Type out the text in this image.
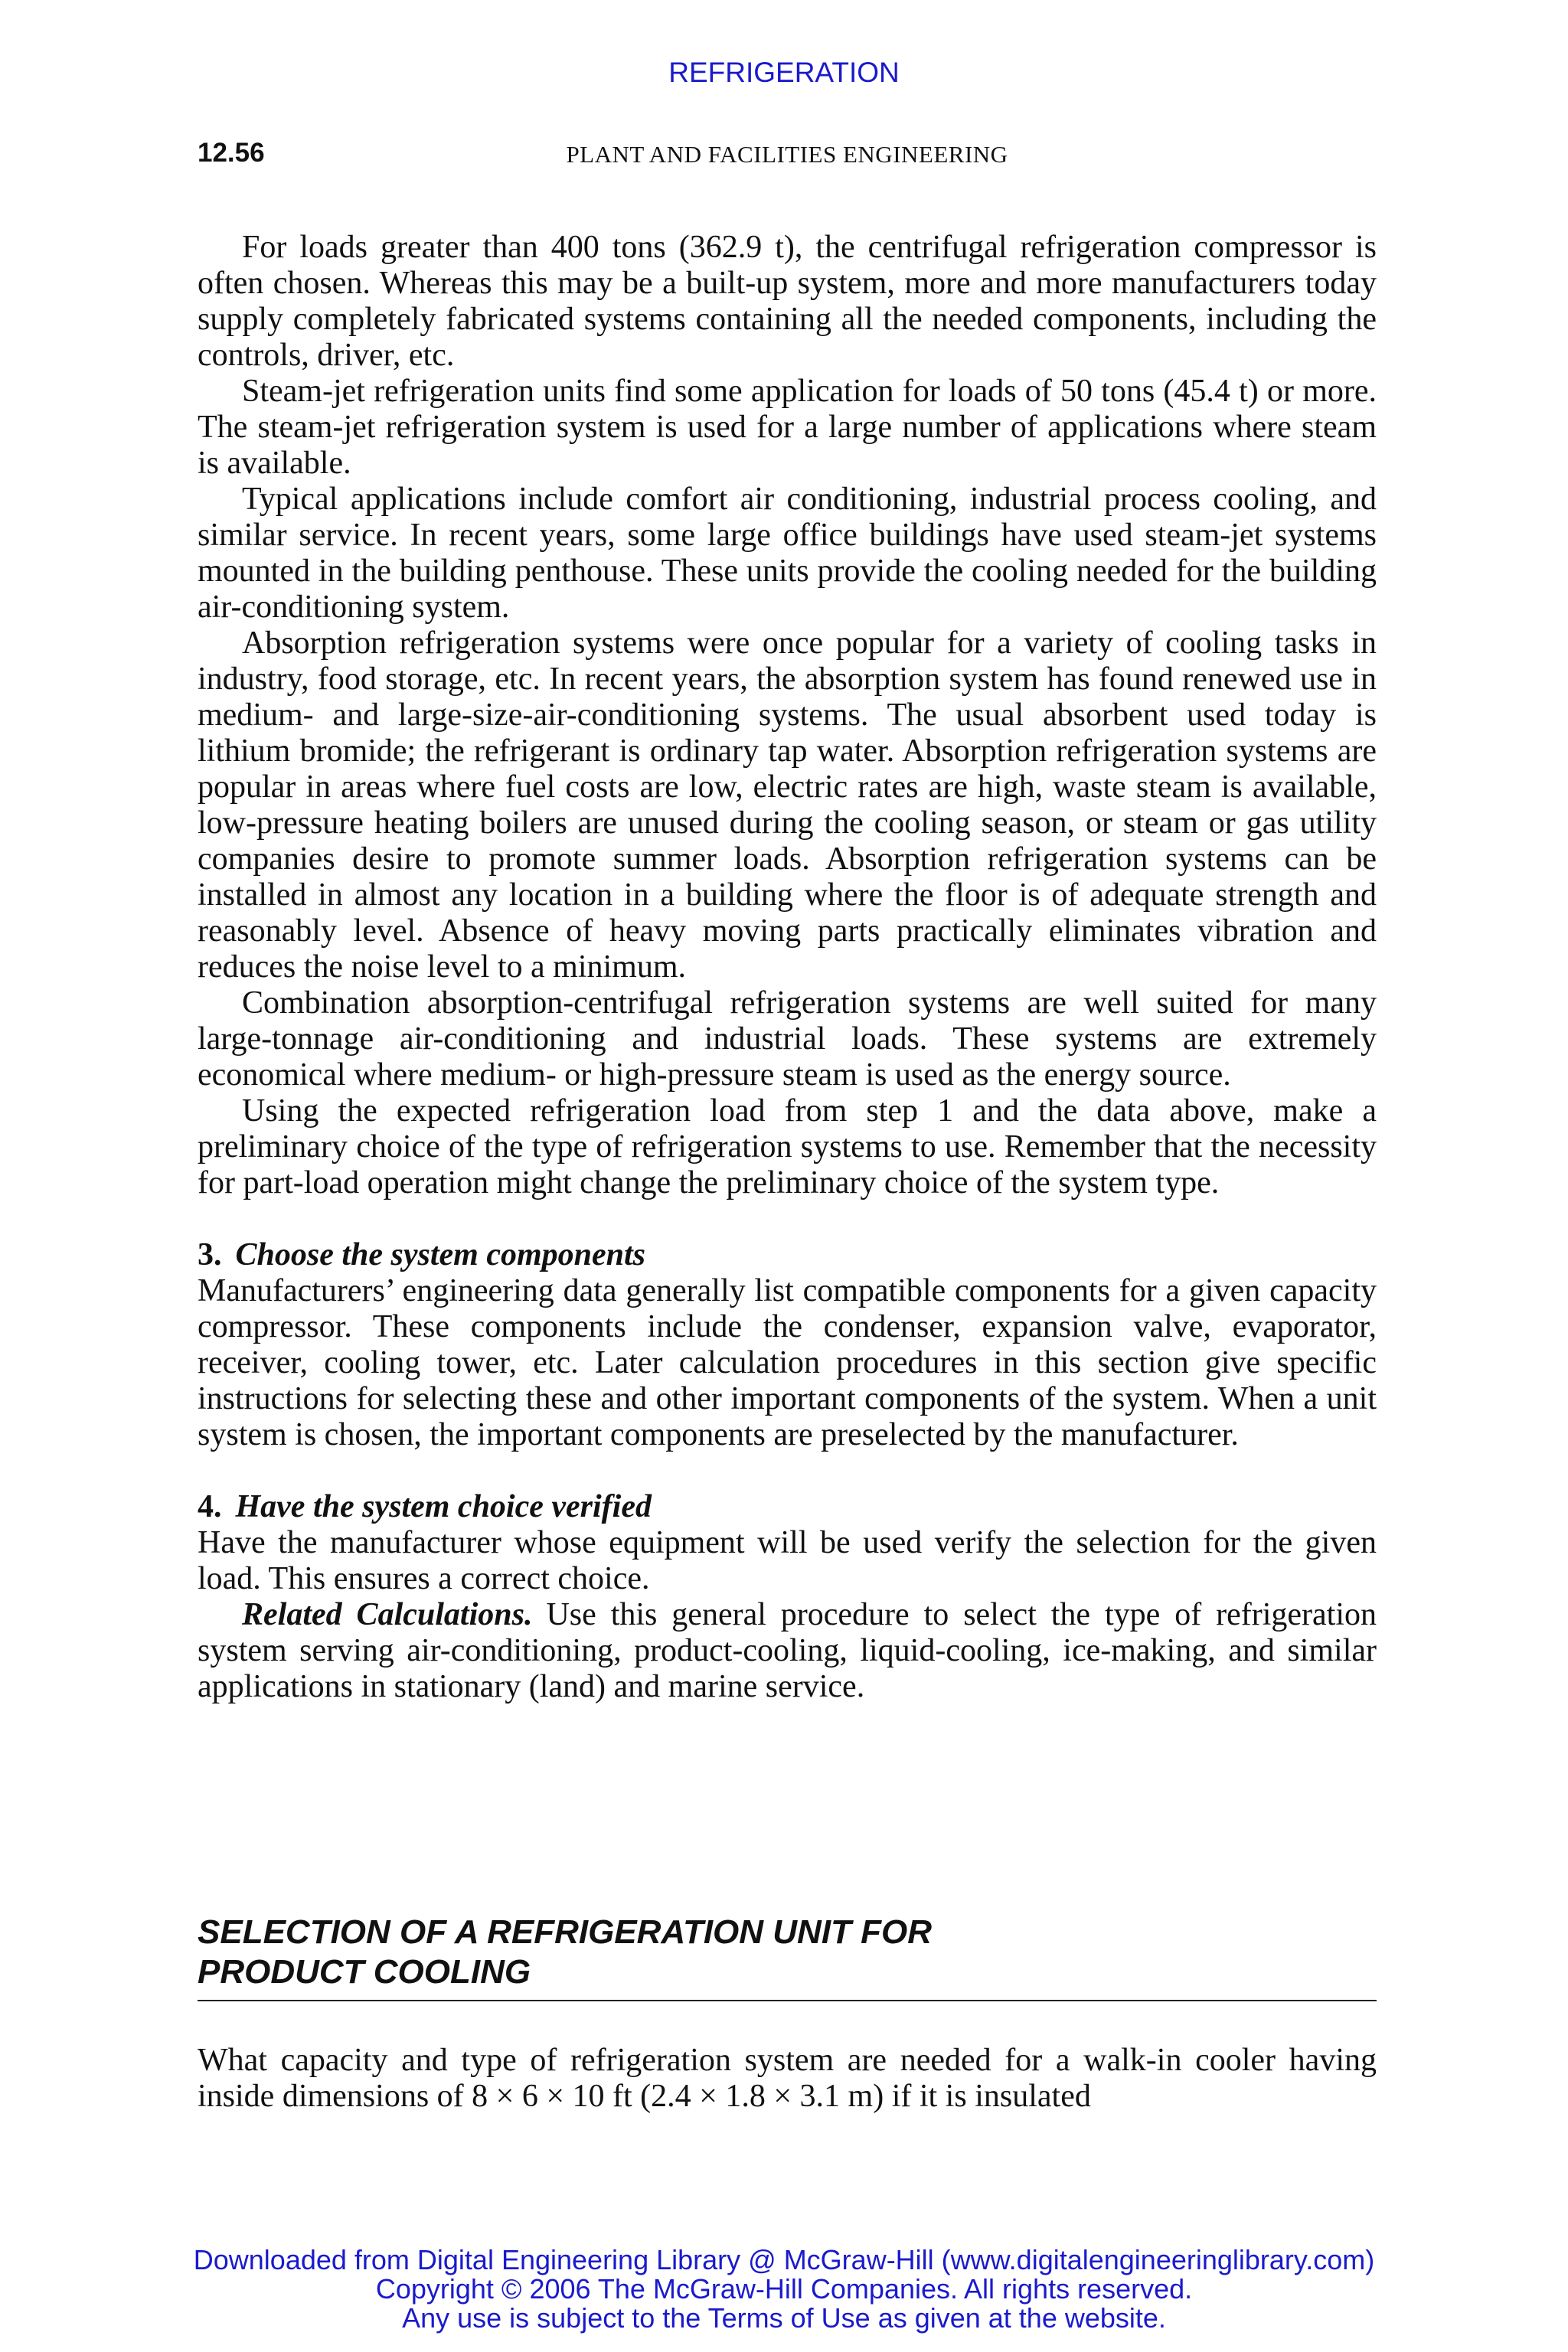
REFRIGERATION
12.56	PLANT AND FACILITIES ENGINEERING

For loads greater than 400 tons (362.9 t), the centrifugal refrigeration compressor is often chosen. Whereas this may be a built-up system, more and more manufacturers today supply completely fabricated systems containing all the needed components, including the controls, driver, etc.

Steam-jet refrigeration units find some application for loads of 50 tons (45.4 t) or more. The steam-jet refrigeration system is used for a large number of applications where steam is available.

Typical applications include comfort air conditioning, industrial process cooling, and similar service. In recent years, some large office buildings have used steam-jet systems mounted in the building penthouse. These units provide the cooling needed for the building air-conditioning system.

Absorption refrigeration systems were once popular for a variety of cooling tasks in industry, food storage, etc. In recent years, the absorption system has found renewed use in medium- and large-size-air-conditioning systems. The usual absorbent used today is lithium bromide; the refrigerant is ordinary tap water. Absorption refrigeration systems are popular in areas where fuel costs are low, electric rates are high, waste steam is available, low-pressure heating boilers are unused during the cooling season, or steam or gas utility companies desire to promote summer loads. Absorption refrigeration systems can be installed in almost any location in a building where the floor is of adequate strength and reasonably level. Absence of heavy moving parts practically eliminates vibration and reduces the noise level to a minimum.

Combination absorption-centrifugal refrigeration systems are well suited for many large-tonnage air-conditioning and industrial loads. These systems are extremely economical where medium- or high-pressure steam is used as the energy source.

Using the expected refrigeration load from step 1 and the data above, make a preliminary choice of the type of refrigeration systems to use. Remember that the necessity for part-load operation might change the preliminary choice of the system type.

3. Choose the system components

Manufacturers’ engineering data generally list compatible components for a given capacity compressor. These components include the condenser, expansion valve, evaporator, receiver, cooling tower, etc. Later calculation procedures in this section give specific instructions for selecting these and other important components of the system. When a unit system is chosen, the important components are preselected by the manufacturer.

4. Have the system choice verified

Have the manufacturer whose equipment will be used verify the selection for the given load. This ensures a correct choice.

Related Calculations. Use this general procedure to select the type of refrigeration system serving air-conditioning, product-cooling, liquid-cooling, ice-making, and similar applications in stationary (land) and marine service.

SELECTION OF A REFRIGERATION UNIT FOR
PRODUCT COOLING

What capacity and type of refrigeration system are needed for a walk-in cooler having inside dimensions of 8 × 6 × 10 ft (2.4 × 1.8 × 3.1 m) if it is insulated

Downloaded from Digital Engineering Library @ McGraw-Hill (www.digitalengineeringlibrary.com)
Copyright © 2006 The McGraw-Hill Companies. All rights reserved.
Any use is subject to the Terms of Use as given at the website.
